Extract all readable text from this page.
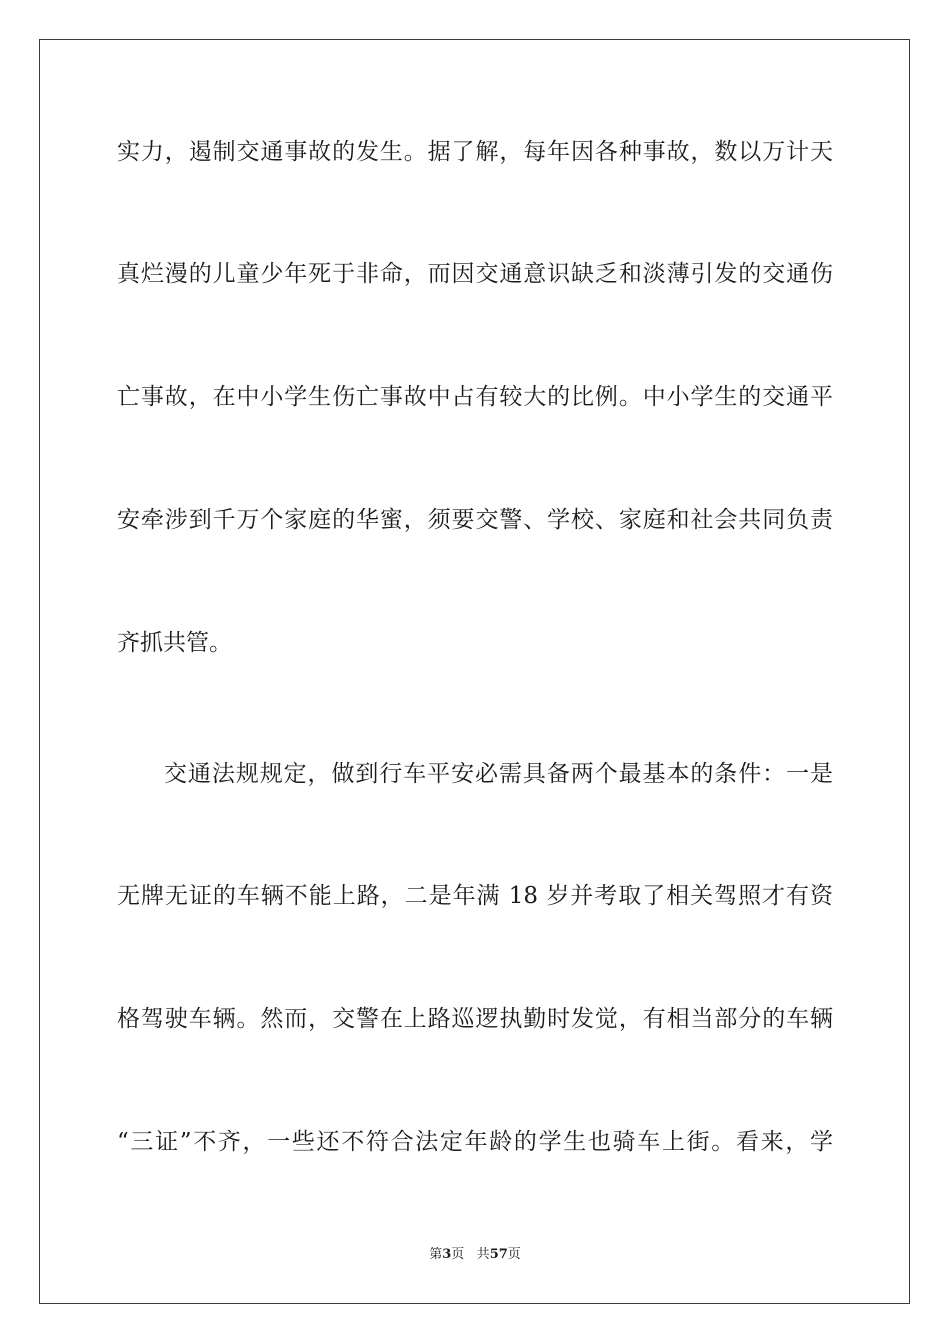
实力，遏制交通事故的发生。据了解，每年因各种事故，数以万计天
真烂漫的儿童少年死于非命，而因交通意识缺乏和淡薄引发的交通伤
亡事故，在中小学生伤亡事故中占有较大的比例。中小学生的交通平
安牵涉到千万个家庭的华蜜，须要交警、学校、家庭和社会共同负责
齐抓共管。
交通法规规定，做到行车平安必需具备两个最基本的条件：一是
无牌无证的车辆不能上路，二是年满 18 岁并考取了相关驾照才有资
格驾驶车辆。然而，交警在上路巡逻执勤时发觉，有相当部分的车辆
“三证”不齐，一些还不符合法定年龄的学生也骑车上街。看来，学
第3页 共57页
